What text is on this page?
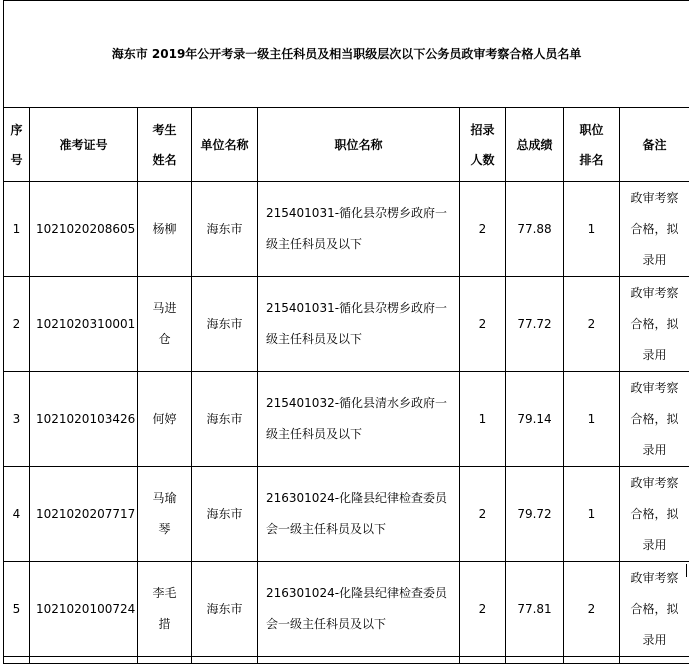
海东市 2019年公开考录一级主任科员及相当职级层次以下公务员政审考察合格人员名单								
序号	准考证号	考生姓名	单位名称	职位名称	招录人数	总成绩	职位排名	备注
1	1021020208605	杨柳	海东市	215401031-循化县尕楞乡政府一级主任科员及以下	2	77.88	1	政审考察合格，拟录用
2	1021020310001	马进仓	海东市	215401031-循化县尕楞乡政府一级主任科员及以下	2	77.72	2	政审考察合格，拟录用
3	1021020103426	何婷	海东市	215401032-循化县清水乡政府一级主任科员及以下	1	79.14	1	政审考察合格，拟录用
4	1021020207717	马瑜琴	海东市	216301024-化隆县纪律检查委员会一级主任科员及以下	2	79.72	1	政审考察合格，拟录用
5	1021020100724	李毛措	海东市	216301024-化隆县纪律检查委员会一级主任科员及以下	2	77.81	2	政审考察合格，拟录用
